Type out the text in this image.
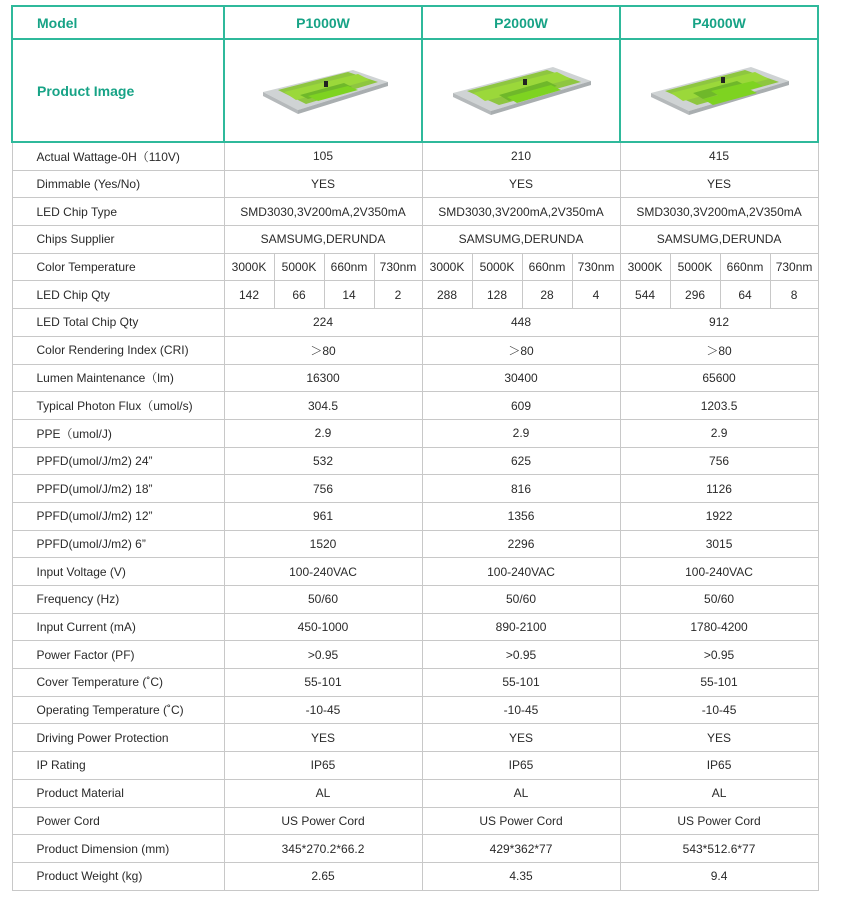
Model	P1000W				P2000W				P4000W			
Product Image	

Actual Wattage-0H（110V)	105				210				415			
Dimmable (Yes/No)	YES				YES				YES			
LED Chip Type	SMD3030,3V200mA,2V350mA				SMD3030,3V200mA,2V350mA				SMD3030,3V200mA,2V350mA			
Chips Supplier	SAMSUMG,DERUNDA				SAMSUMG,DERUNDA				SAMSUMG,DERUNDA			
Color Temperature	3000K	5000K	660nm	730nm	3000K	5000K	660nm	730nm	3000K	5000K	660nm	730nm
LED Chip Qty	142	66	14	2	288	128	28	4	544	296	64	8
LED Total Chip Qty	224				448				912			
Color Rendering Index (CRI)	＞80				＞80				＞80			
Lumen Maintenance（lm)	16300				30400				65600			
Typical Photon Flux（umol/s)	304.5				609				1203.5			
PPE（umol/J)	2.9				2.9				2.9			
PPFD(umol/J/m2) 24”	532				625				756			
PPFD(umol/J/m2) 18”	756				816				1126			
PPFD(umol/J/m2) 12”	961				1356				1922			
PPFD(umol/J/m2) 6”	1520				2296				3015			
Input Voltage (V)	100-240VAC				100-240VAC				100-240VAC			
Frequency (Hz)	50/60				50/60				50/60			
Input Current (mA)	450-1000				890-2100				1780-4200			
Power Factor (PF)	>0.95				>0.95				>0.95			
Cover Temperature (˚C)	55-101				55-101				55-101			
Operating Temperature (˚C)	-10-45				-10-45				-10-45			
Driving Power Protection	YES				YES				YES			
IP Rating	IP65				IP65				IP65			
Product Material	AL				AL				AL			
Power Cord	US Power Cord				US Power Cord				US Power Cord			
Product Dimension (mm)	345*270.2*66.2				429*362*77				543*512.6*77			
Product Weight (kg)	2.65				4.35				9.4			
